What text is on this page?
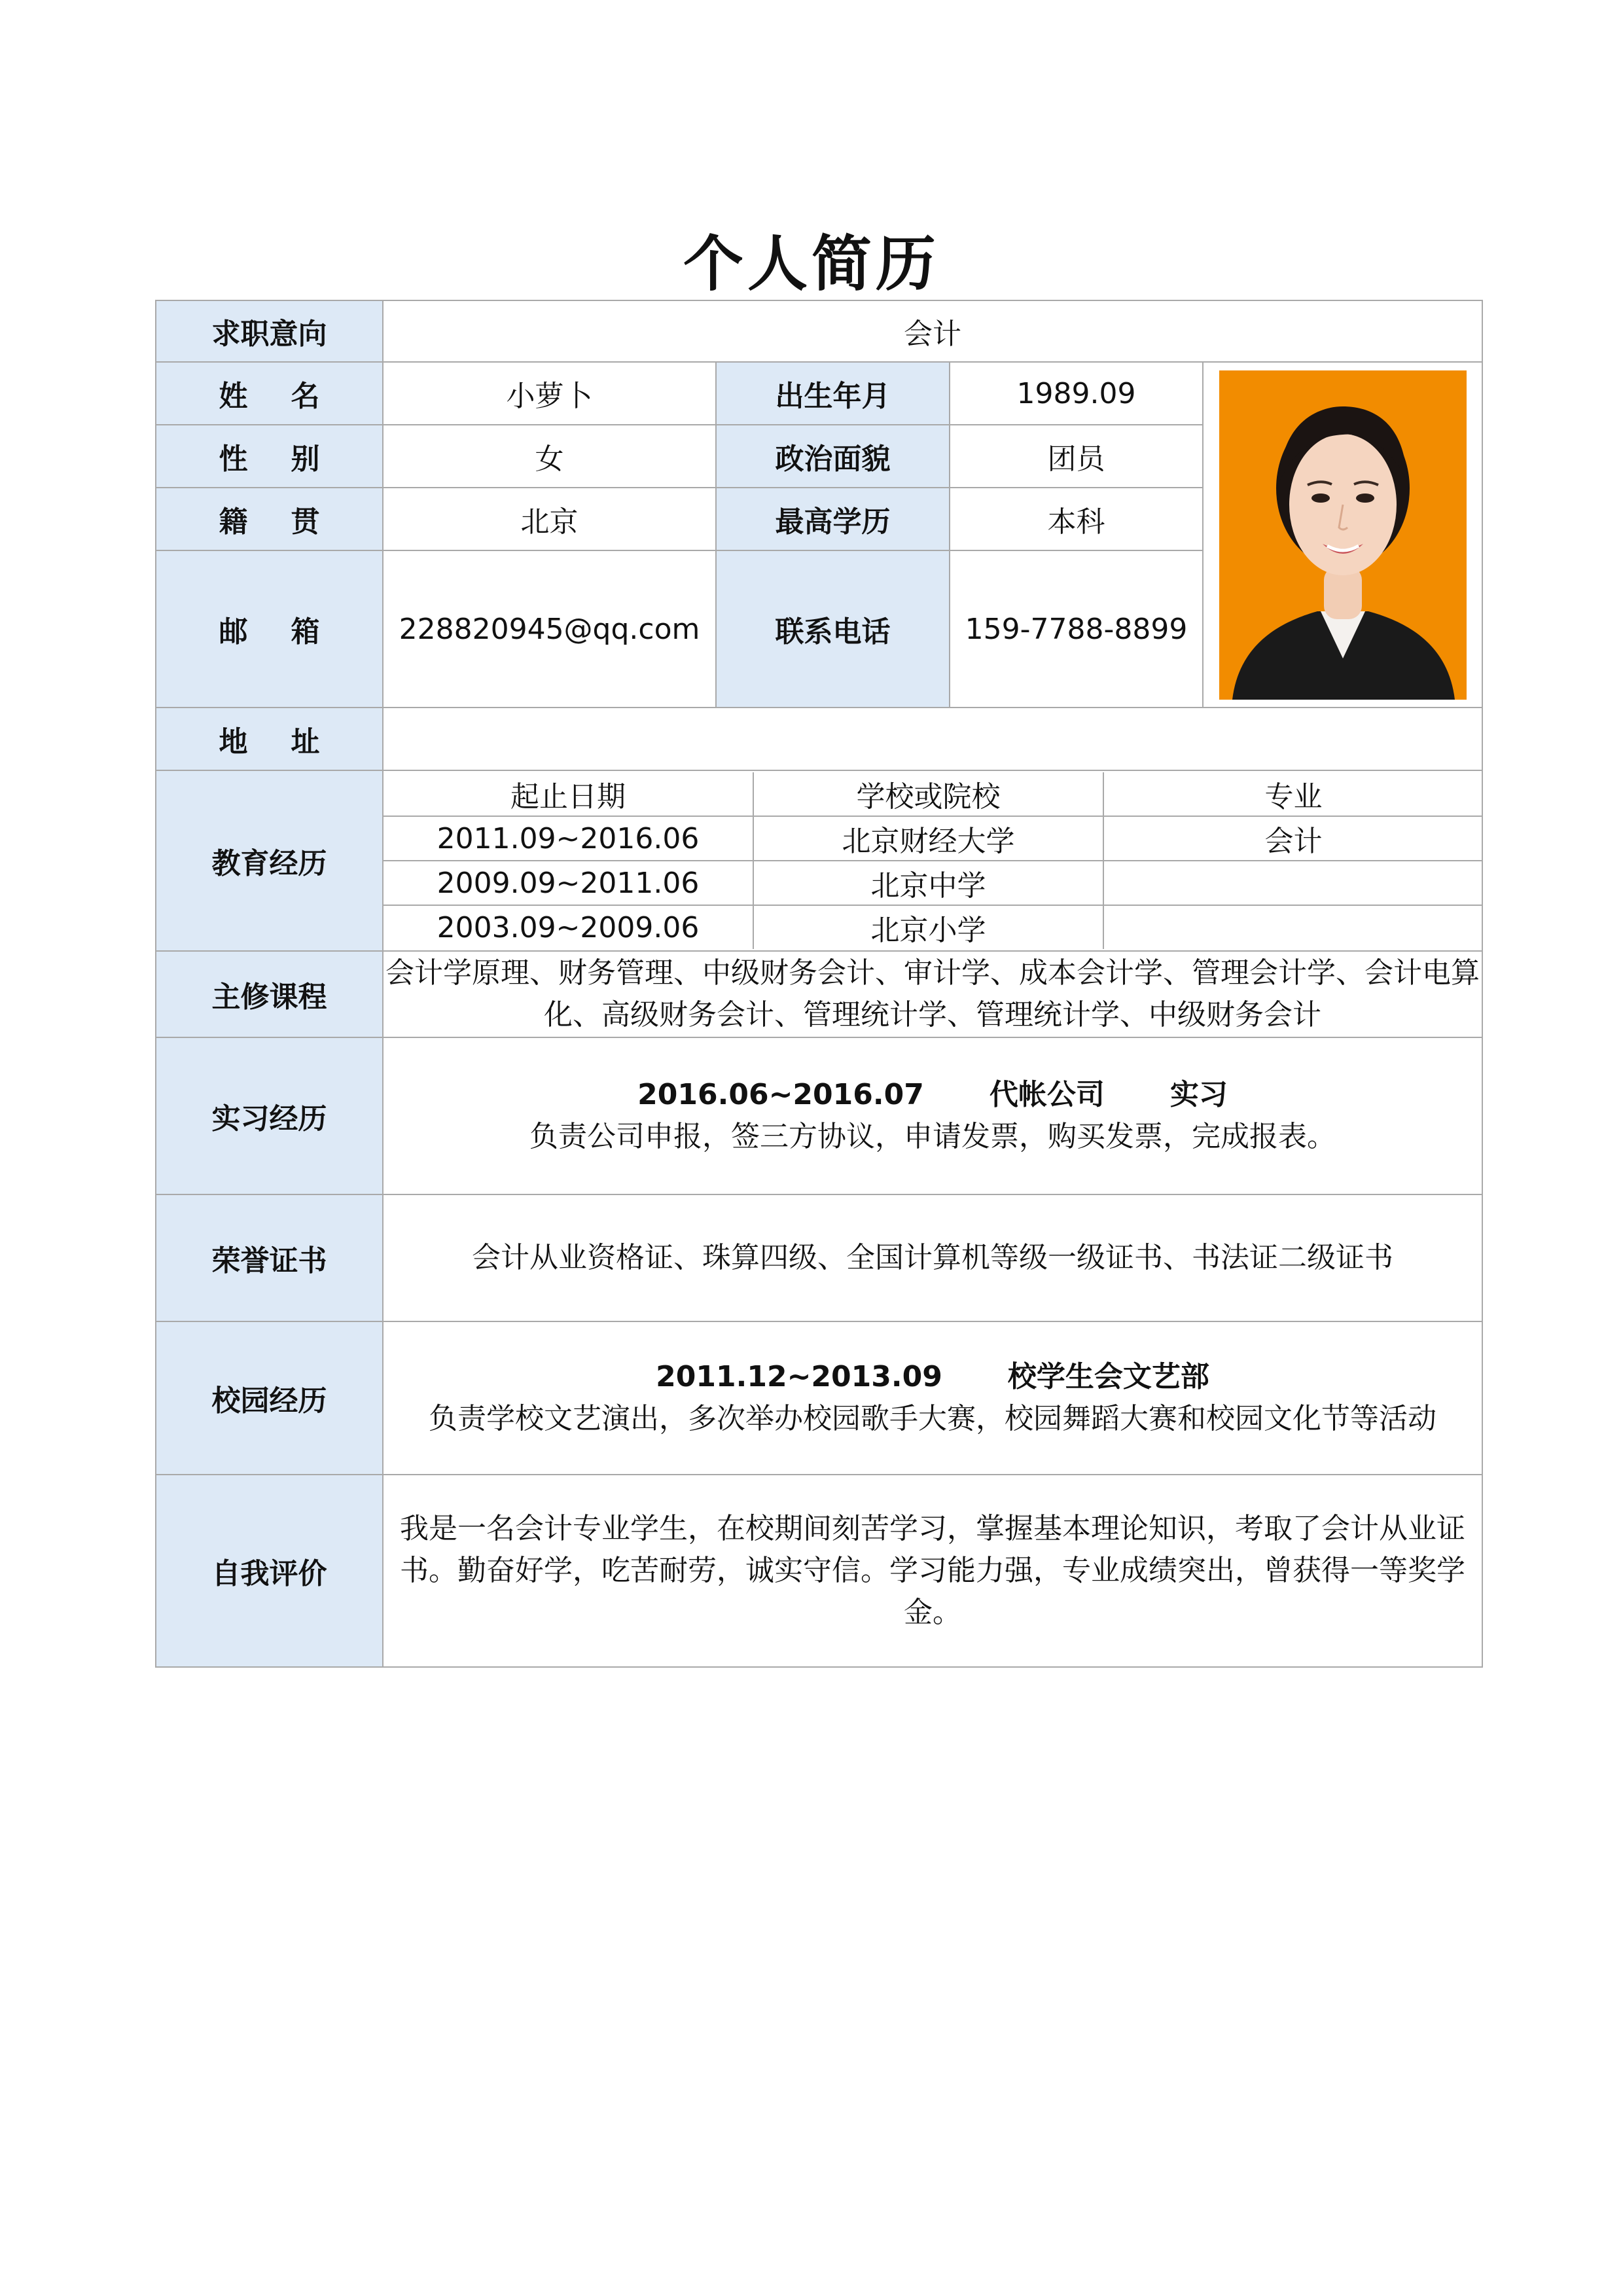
个人简历
求职意向	会计
姓名	小萝卜	出生年月	1989.09	

性别	女	政治面貌	团员
籍贯	北京	最高学历	本科
邮箱	228820945@qq.com	联系电话	159-7788-8899
地址	
教育经历	
起止日期	学校或院校	专业
2011.09~2016.06	北京财经大学	会计
2009.09~2011.06	北京中学	
2003.09~2009.06	北京小学	

主修课程	会计学原理、财务管理、中级财务会计、审计学、成本会计学、管理会计学、会计电算化、高级财务会计、管理统计学、管理统计学、中级财务会计
实习经历	
2016.06~2016.07 代帐公司 实习
负责公司申报，签三方协议，申请发票，购买发票，完成报表。

荣誉证书	会计从业资格证、珠算四级、全国计算机等级一级证书、书法证二级证书
校园经历	
2011.12~2013.09 校学生会文艺部
负责学校文艺演出，多次举办校园歌手大赛，校园舞蹈大赛和校园文化节等活动

自我评价	我是一名会计专业学生，在校期间刻苦学习，掌握基本理论知识，考取了会计从业证书。勤奋好学，吃苦耐劳，诚实守信。学习能力强，专业成绩突出，曾获得一等奖学金。
